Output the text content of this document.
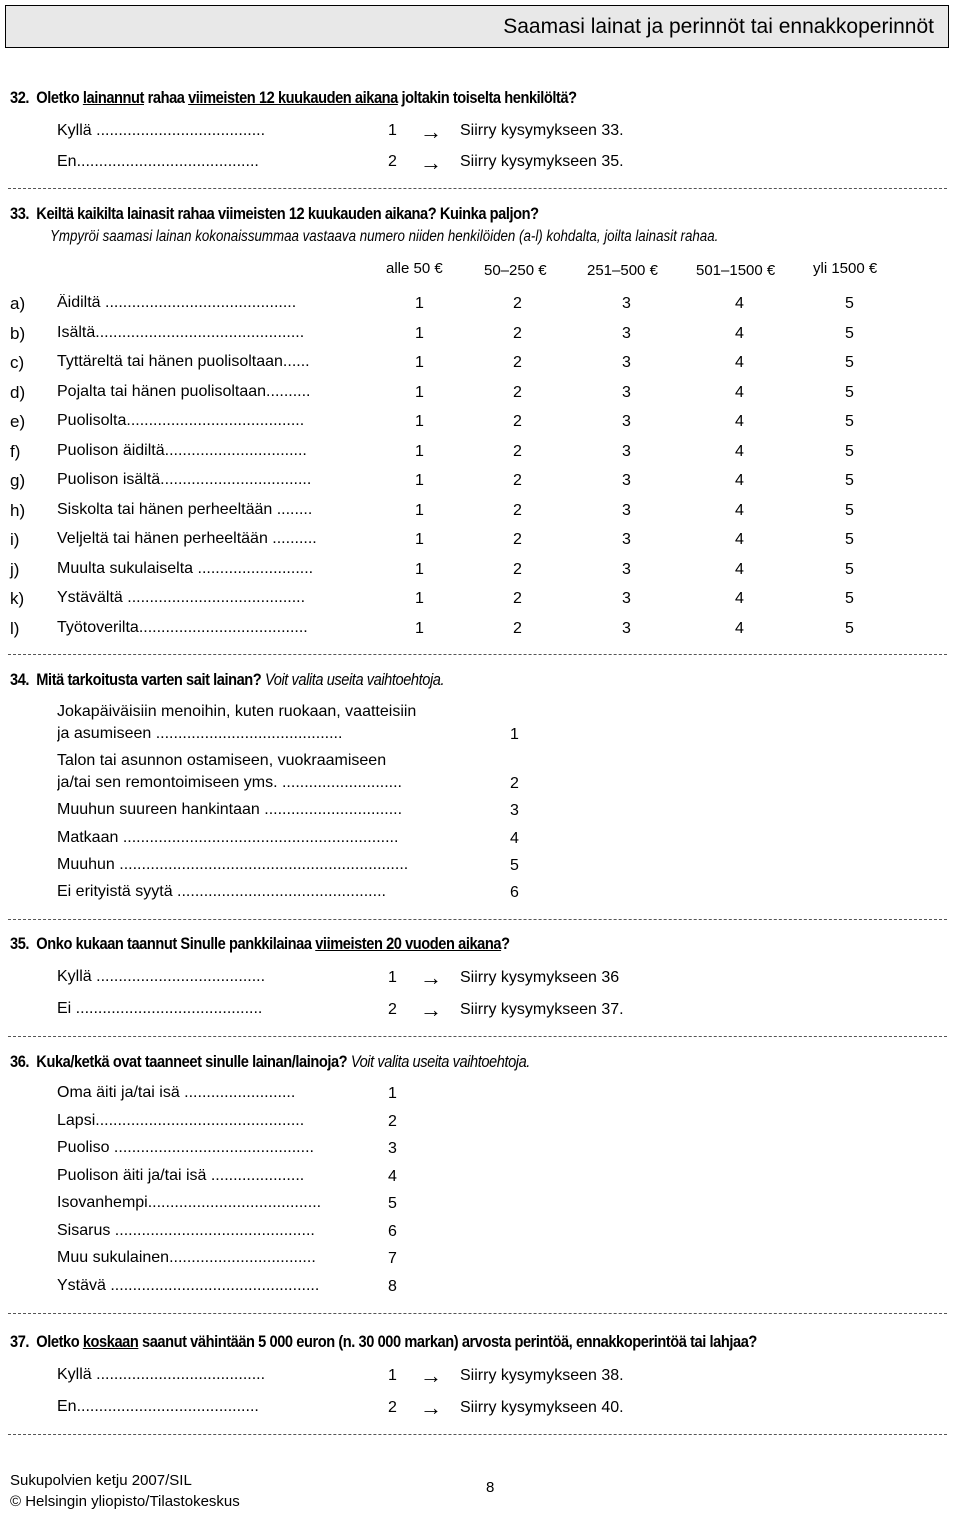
Saamasi lainat ja perinnöt tai ennakkoperinnöt
32. Oletko lainannut rahaa viimeisten 12 kuukauden aikana joltakin toiselta henkilöltä?
Kyllä ......................................	1 → Siirry kysymykseen 33.
En.........................................	2 → Siirry kysymykseen 35.
33. Keiltä kaikilta lainasit rahaa viimeisten 12 kuukauden aikana? Kuinka paljon?
Ympyröi saamasi lainan kokonaissummaa vastaava numero niiden henkilöiden (a-l) kohdalta, joilta lainasit rahaa.
alle 50 €	50–250 €	251–500 €	501–1500 €	yli 1500 €
a) Äidiltä ...........................................	1	2	3	4	5
b) Isältä...............................................	1	2	3	4	5
c) Tyttäreltä tai hänen puolisoltaan......	1	2	3	4	5
d) Pojalta tai hänen puolisoltaan..........	1	2	3	4	5
e) Puolisolta........................................	1	2	3	4	5
f) Puolison äidiltä................................	1	2	3	4	5
g) Puolison isältä..................................	1	2	3	4	5
h) Siskolta tai hänen perheeltään ........	1	2	3	4	5
i) Veljeltä tai hänen perheeltään ..........	1	2	3	4	5
j) Muulta sukulaiselta ..........................	1	2	3	4	5
k) Ystävältä ........................................	1	2	3	4	5
l) Työtoverilta......................................	1	2	3	4	5
34. Mitä tarkoitusta varten sait lainan? Voit valita useita vaihtoehtoja.
Jokapäiväisiin menoihin, kuten ruokaan, vaatteisiin
ja asumiseen ..........................................	1
Talon tai asunnon ostamiseen, vuokraamiseen
ja/tai sen remontoimiseen yms. ...........................	2
Muuhun suureen hankintaan ...............................	3
Matkaan ..............................................................	4
Muuhun .................................................................	5
Ei erityistä syytä ...............................................	6
35. Onko kukaan taannut Sinulle pankkilainaa viimeisten 20 vuoden aikana?
Kyllä ......................................	1 → Siirry kysymykseen 36
Ei ..........................................	2 → Siirry kysymykseen 37.
36. Kuka/ketkä ovat taanneet sinulle lainan/lainoja? Voit valita useita vaihtoehtoja.
Oma äiti ja/tai isä .........................	1
Lapsi...............................................	2
Puoliso .............................................	3
Puolison äiti ja/tai isä .....................	4
Isovanhempi.......................................	5
Sisarus .............................................	6
Muu sukulainen.................................	7
Ystävä ...............................................	8
37. Oletko koskaan saanut vähintään 5 000 euron (n. 30 000 markan) arvosta perintöä, ennakkoperintöä tai lahjaa?
Kyllä ......................................	1 → Siirry kysymykseen 38.
En.........................................	2 → Siirry kysymykseen 40.
Sukupolvien ketju 2007/SIL
© Helsingin yliopisto/Tilastokeskus
8
